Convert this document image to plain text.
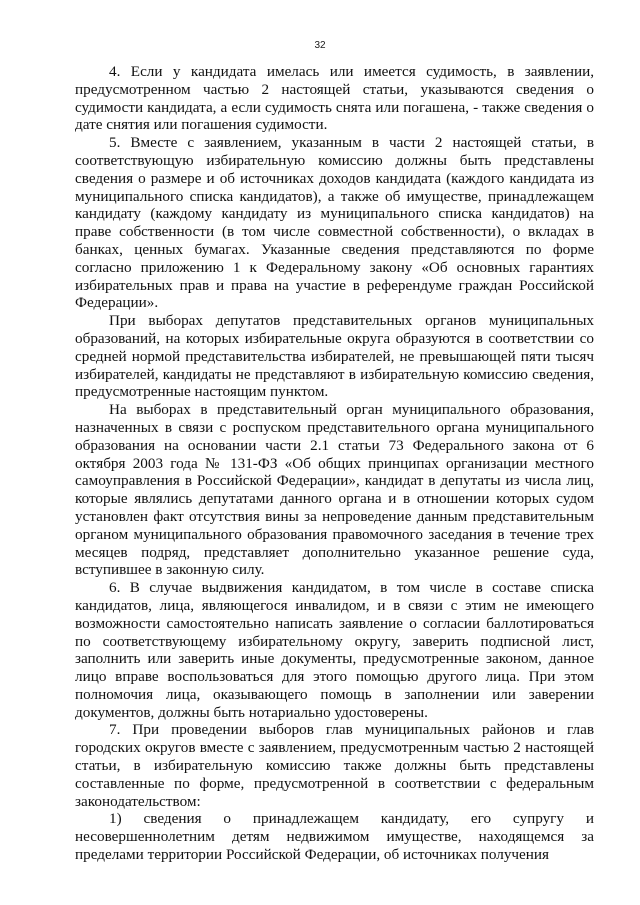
32

4. Если у кандидата имелась или имеется судимость, в заявлении, предусмотренном частью 2 настоящей статьи, указываются сведения о судимости кандидата, а если судимость снята или погашена, - также сведения о дате снятия или погашения судимости.

5. Вместе с заявлением, указанным в части 2 настоящей статьи, в соответствующую избирательную комиссию должны быть представлены сведения о размере и об источниках доходов кандидата (каждого кандидата из муниципального списка кандидатов), а также об имуществе, принадлежащем кандидату (каждому кандидату из муниципального списка кандидатов) на праве собственности (в том числе совместной собственности), о вкладах в банках, ценных бумагах. Указанные сведения представляются по форме согласно приложению 1 к Федеральному закону «Об основных гарантиях избирательных прав и права на участие в референдуме граждан Российской Федерации».

При выборах депутатов представительных органов муниципальных образований, на которых избирательные округа образуются в соответствии со средней нормой представительства избирателей, не превышающей пяти тысяч избирателей, кандидаты не представляют в избирательную комиссию сведения, предусмотренные настоящим пунктом.

На выборах в представительный орган муниципального образования, назначенных в связи с роспуском представительного органа муниципального образования на основании части 2.1 статьи 73 Федерального закона от 6 октября 2003 года № 131-ФЗ «Об общих принципах организации местного самоуправления в Российской Федерации», кандидат в депутаты из числа лиц, которые являлись депутатами данного органа и в отношении которых судом установлен факт отсутствия вины за непроведение данным представительным органом муниципального образования правомочного заседания в течение трех месяцев подряд, представляет дополнительно указанное решение суда, вступившее в законную силу.

6. В случае выдвижения кандидатом, в том числе в составе списка кандидатов, лица, являющегося инвалидом, и в связи с этим не имеющего возможности самостоятельно написать заявление о согласии баллотироваться по соответствующему избирательному округу, заверить подписной лист, заполнить или заверить иные документы, предусмотренные законом, данное лицо вправе воспользоваться для этого помощью другого лица. При этом полномочия лица, оказывающего помощь в заполнении или заверении документов, должны быть нотариально удостоверены.

7. При проведении выборов глав муниципальных районов и глав городских округов вместе с заявлением, предусмотренным частью 2 настоящей статьи, в избирательную комиссию также должны быть представлены составленные по форме, предусмотренной в соответствии с федеральным законодательством:

1) сведения о принадлежащем кандидату, его супругу и несовершеннолетним детям недвижимом имуществе, находящемся за пределами территории Российской Федерации, об источниках получения
